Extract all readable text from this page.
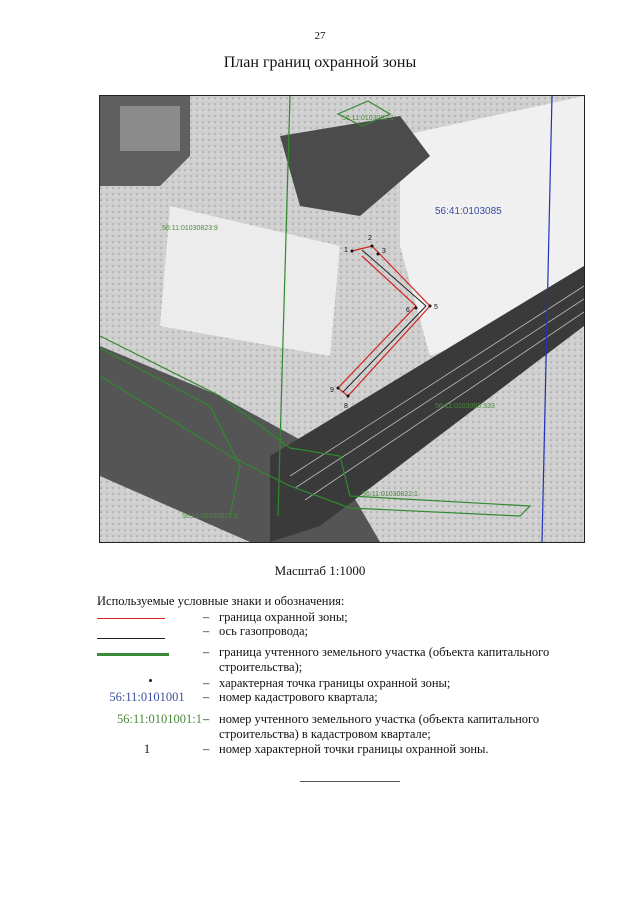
27
План границ охранной зоны
1
2
3
5
6
8
9
56:41:0103085
56:11:0103082:1
56:11:01030823:9
56:11:0103085:333
56:11:01030822:1
56:11:01030822:9
Масштаб 1:1000
Используемые условные знаки и обозначения:
– граница охранной зоны;
– ось газопровода;
– граница учтенного земельного участка (объекта капитального строительства);
– характерная точка границы охранной зоны;
56:11:0101001	– номер кадастрового квартала;
56:11:0101001:1 – номер учтенного земельного участка (объекта капитального строительства) в кадастровом квартале;
1	– номер характерной точки границы охранной зоны.
